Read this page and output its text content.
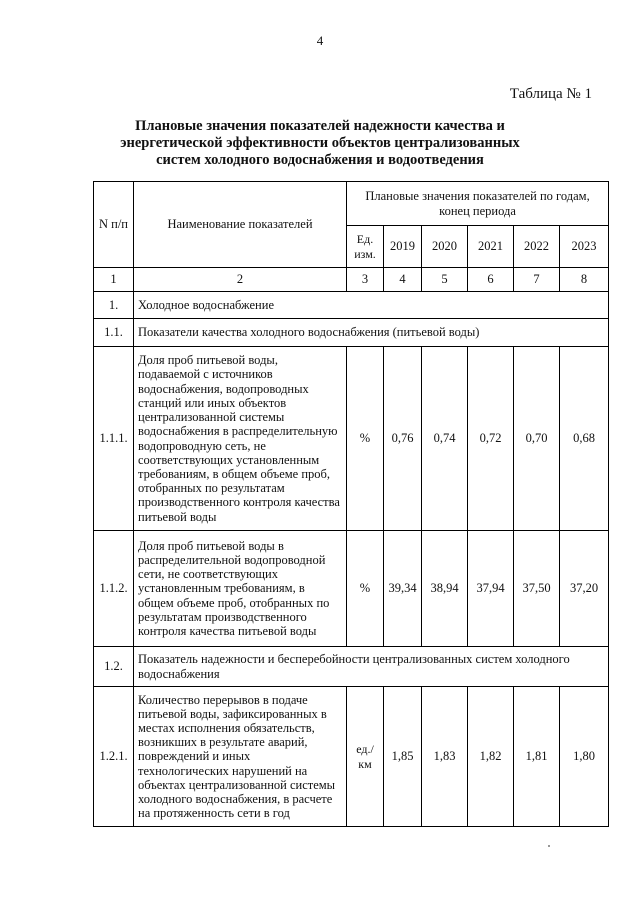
4
Таблица № 1
Плановые значения показателей надежности качества и
энергетической эффективности объектов централизованных
систем холодного водоснабжения и водоотведения
N п/п	Наименование показателей	Плановые значения показателей по годам, конец периода					
		Ед. изм.	2019	2020	2021	2022	2023
1	2	3	4	5	6	7	8
1.	Холодное водоснабжение						
1.1.	Показатели качества холодного водоснабжения (питьевой воды)						
1.1.1.	Доля проб питьевой воды, подаваемой с источников водоснабжения, водопроводных станций или иных объектов централизованной системы водоснабжения в распределительную водопроводную сеть, не соответствующих установленным требованиям, в общем объеме проб, отобранных по результатам производственного контроля качества питьевой воды	%	0,76	0,74	0,72	0,70	0,68
1.1.2.	Доля проб питьевой воды в распределительной водопроводной сети, не соответствующих установленным требованиям, в общем объеме проб, отобранных по результатам производственного контроля качества питьевой воды	%	39,34	38,94	37,94	37,50	37,20
1.2.	Показатель надежности и бесперебойности централизованных систем холодного водоснабжения						
1.2.1.	Количество перерывов в подаче питьевой воды, зафиксированных в местах исполнения обязательств, возникших в результате аварий, повреждений и иных технологических нарушений на объектах централизованной системы холодного водоснабжения, в расчете на протяженность сети в год	ед./км	1,85	1,83	1,82	1,81	1,80
